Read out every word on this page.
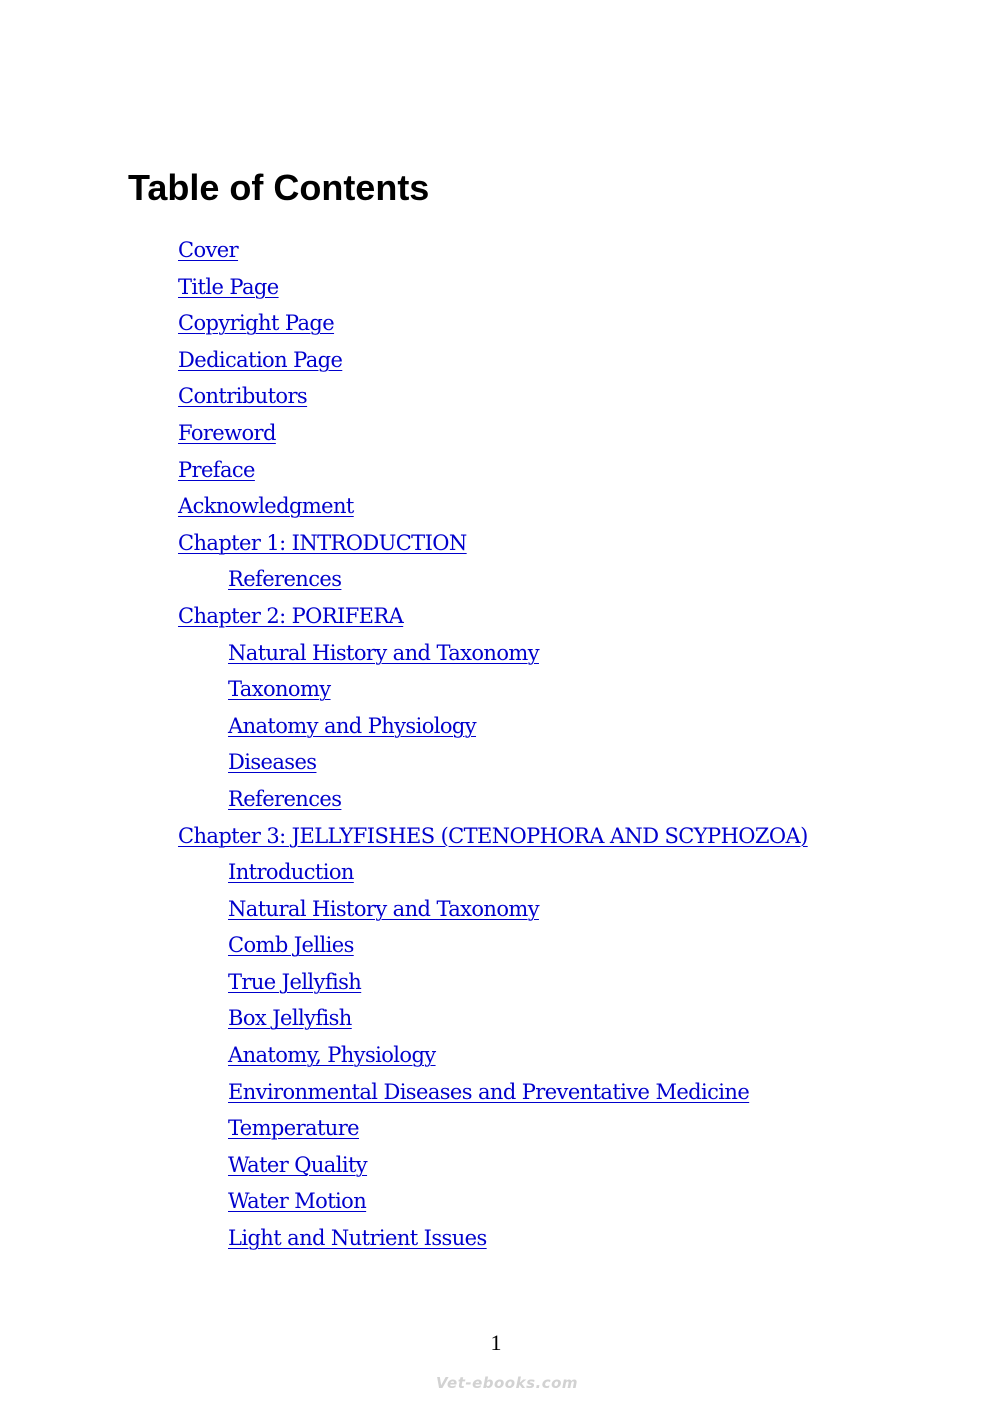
Table of Contents
Cover
Title Page
Copyright Page
Dedication Page
Contributors
Foreword
Preface
Acknowledgment
Chapter 1: INTRODUCTION
References
Chapter 2: PORIFERA
Natural History and Taxonomy
Taxonomy
Anatomy and Physiology
Diseases
References
Chapter 3: JELLYFISHES (CTENOPHORA AND SCYPHOZOA)
Introduction
Natural History and Taxonomy
Comb Jellies
True Jellyfish
Box Jellyfish
Anatomy, Physiology
Environmental Diseases and Preventative Medicine
Temperature
Water Quality
Water Motion
Light and Nutrient Issues
1
Vet-ebooks.com
